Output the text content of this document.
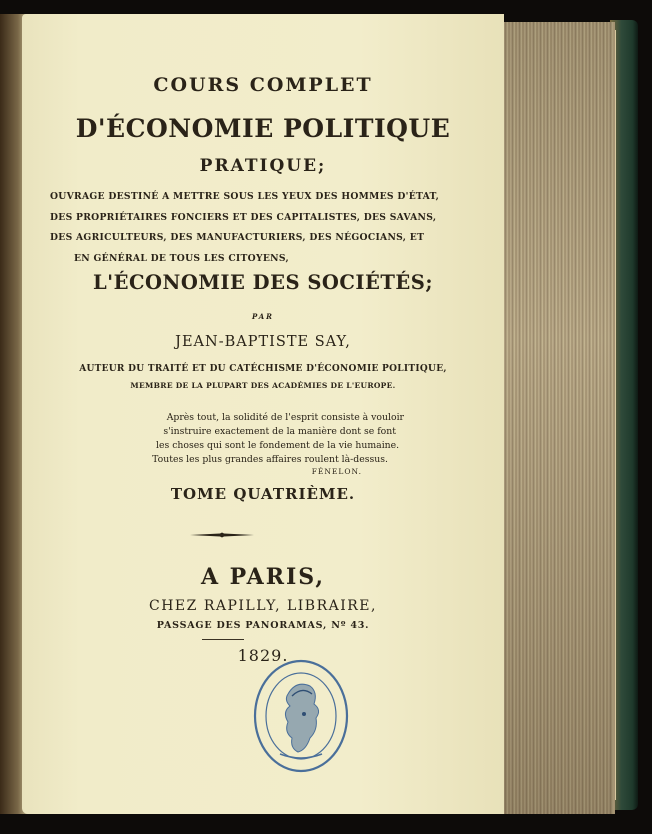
COURS COMPLET
D'ÉCONOMIE POLITIQUE
PRATIQUE;
OUVRAGE DESTINÉ A METTRE SOUS LES YEUX DES HOMMES D'ÉTAT,
DES PROPRIÉTAIRES FONCIERS ET DES CAPITALISTES, DES SAVANS,
DES AGRICULTEURS, DES MANUFACTURIERS, DES NÉGOCIANS, ET
EN GÉNÉRAL DE TOUS LES CITOYENS,
L'ÉCONOMIE DES SOCIÉTÉS;
PAR
JEAN-BAPTISTE SAY,
AUTEUR DU TRAITÉ ET DU CATÉCHISME D'ÉCONOMIE POLITIQUE,
MEMBRE DE LA PLUPART DES ACADÉMIES DE L'EUROPE.
Après tout, la solidité de l'esprit consiste à vouloir
s'instruire exactement de la manière dont se font
les choses qui sont le fondement de la vie humaine.
Toutes les plus grandes affaires roulent là-dessus.
FÉNELON.
TOME QUATRIÈME.
A PARIS,
CHEZ RAPILLY, LIBRAIRE,
PASSAGE DES PANORAMAS, Nº 43.
1829.
